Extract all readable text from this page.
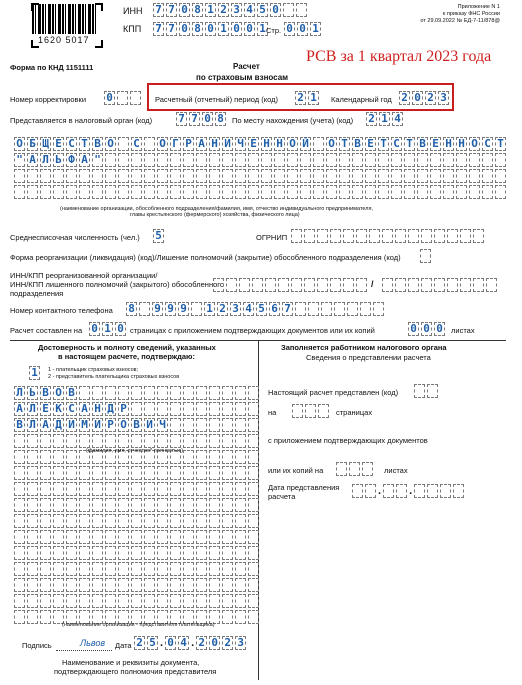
1620 5017
ИНН 7 7 0 8 1 2 3 4 5 0
КПП 7 7 0 8 0 1 0 0 1 Стр. 0 0 1
Приложение N 1
к приказу ФНС России
от 29.09.2022 № ЕД-7-11/878@
Форма по КНД 1151111	Расчет
по страховым взносам
РСВ за 1 квартал 2023 года
Номер корректировки 0	Расчетный (отчетный) период (код) 2 1 Календарный год 2 0 2 3
Представляется в налоговый орган (код) 7 7 0 8 По месту нахождения (учета) (код) 2 1 4
О Б Щ Е С Т В О С О Г Р А Н И Ч Е Н Н О Й О Т В Е Т С Т В Е Н Н О С Т
" А Л Ь Ф А "
(наименование организации, обособленного подразделения/фамилия, имя, отчество индивидуального предпринимателя,
главы крестьянского (фермерского) хозяйства, физического лица)
Среднесписочная численность (чел.) 5	ОГРНИП
Форма реорганизации (ликвидация) (код)/Лишение полномочий (закрытие) обособленного подразделения (код)
ИНН/КПП реорганизованной организации/
ИНН/КПП лишенного полномочий (закрытого) обособленного
подразделения
/
Номер контактного телефона 8 9 9 9 1 2 3 4 5 6 7
Расчет составлен на 0 1 0 страницах с приложением подтверждающих документов или их копий	0 0 0 листах
Достоверность и полноту сведений, указанных
в настоящем расчете, подтверждаю:
1	1 - плательщик страховых взносов;
2 - представитель плательщика страховых взносов
Л Ь В О В
А Л Е К С А Н Д Р
В Л А Д И М И Р О В И Ч
(фамилия, имя, отчество* полностью)
(наименование организации - представителя плательщика)
Подпись	Львов Дата 2 5 . 0 4 . 2 0 2 3
Наименование и реквизиты документа,
подтверждающего полномочия представителя
Заполняется работником налогового органа
Сведения о представлении расчета
Настоящий расчет представлен (код)
на	страницах
с приложением подтверждающих документов
или их копий на	листах
Дата представления
расчета	.	.
